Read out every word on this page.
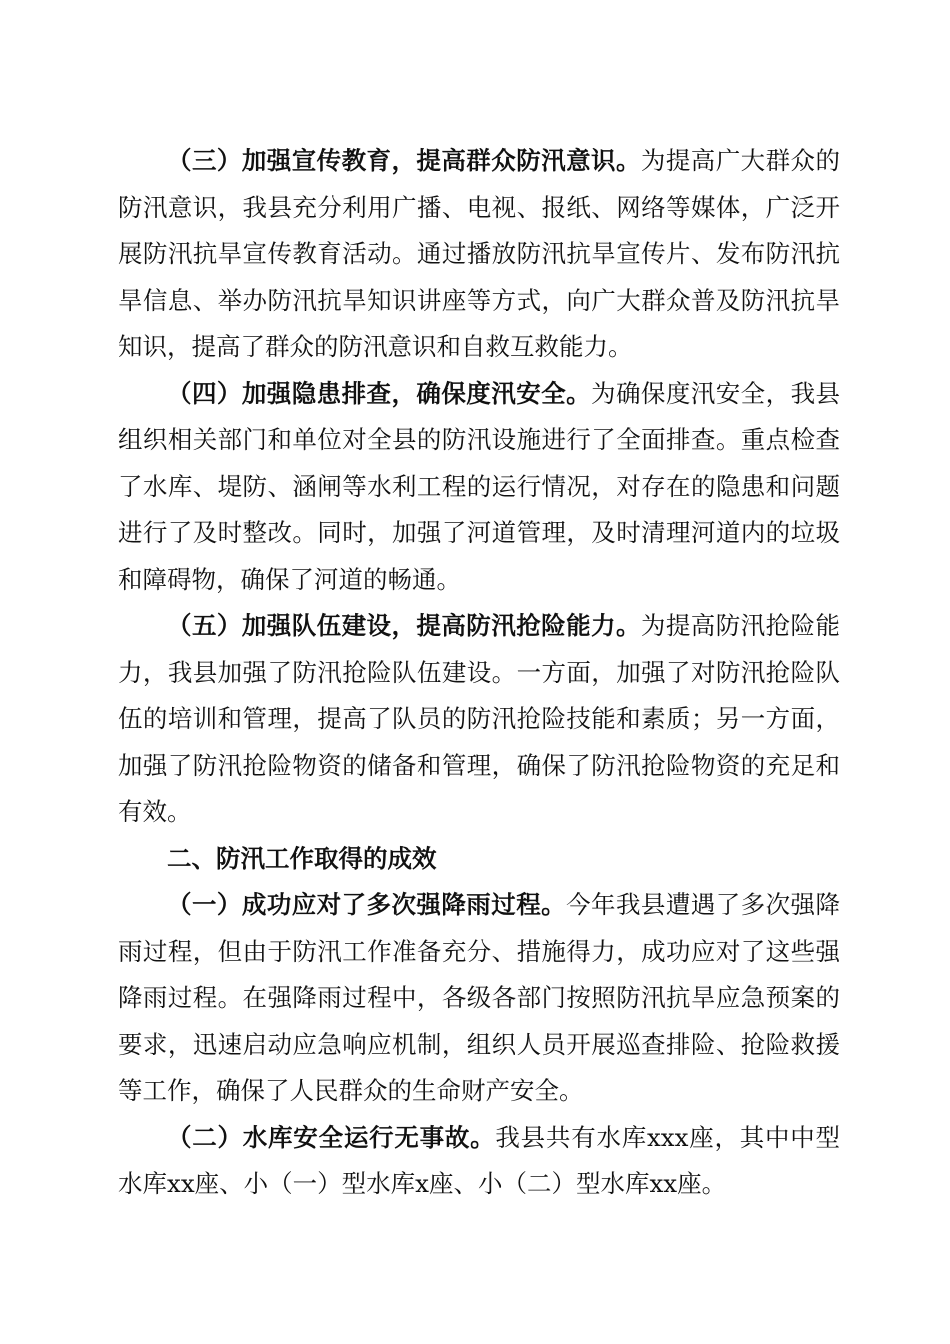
（三）加强宣传教育，提高群众防汛意识。为提高广大群众的防汛意识，我县充分利用广播、电视、报纸、网络等媒体，广泛开展防汛抗旱宣传教育活动。通过播放防汛抗旱宣传片、发布防汛抗旱信息、举办防汛抗旱知识讲座等方式，向广大群众普及防汛抗旱知识，提高了群众的防汛意识和自救互救能力。

（四）加强隐患排查，确保度汛安全。为确保度汛安全，我县组织相关部门和单位对全县的防汛设施进行了全面排查。重点检查了水库、堤防、涵闸等水利工程的运行情况，对存在的隐患和问题进行了及时整改。同时，加强了河道管理，及时清理河道内的垃圾和障碍物，确保了河道的畅通。

（五）加强队伍建设，提高防汛抢险能力。为提高防汛抢险能力，我县加强了防汛抢险队伍建设。一方面，加强了对防汛抢险队伍的培训和管理，提高了队员的防汛抢险技能和素质；另一方面，加强了防汛抢险物资的储备和管理，确保了防汛抢险物资的充足和有效。

二、防汛工作取得的成效

（一）成功应对了多次强降雨过程。今年我县遭遇了多次强降雨过程，但由于防汛工作准备充分、措施得力，成功应对了这些强降雨过程。在强降雨过程中，各级各部门按照防汛抗旱应急预案的要求，迅速启动应急响应机制，组织人员开展巡查排险、抢险救援等工作，确保了人民群众的生命财产安全。

（二）水库安全运行无事故。我县共有水库xxx座，其中中型水库xx座、小（一）型水库x座、小（二）型水库xx座。
